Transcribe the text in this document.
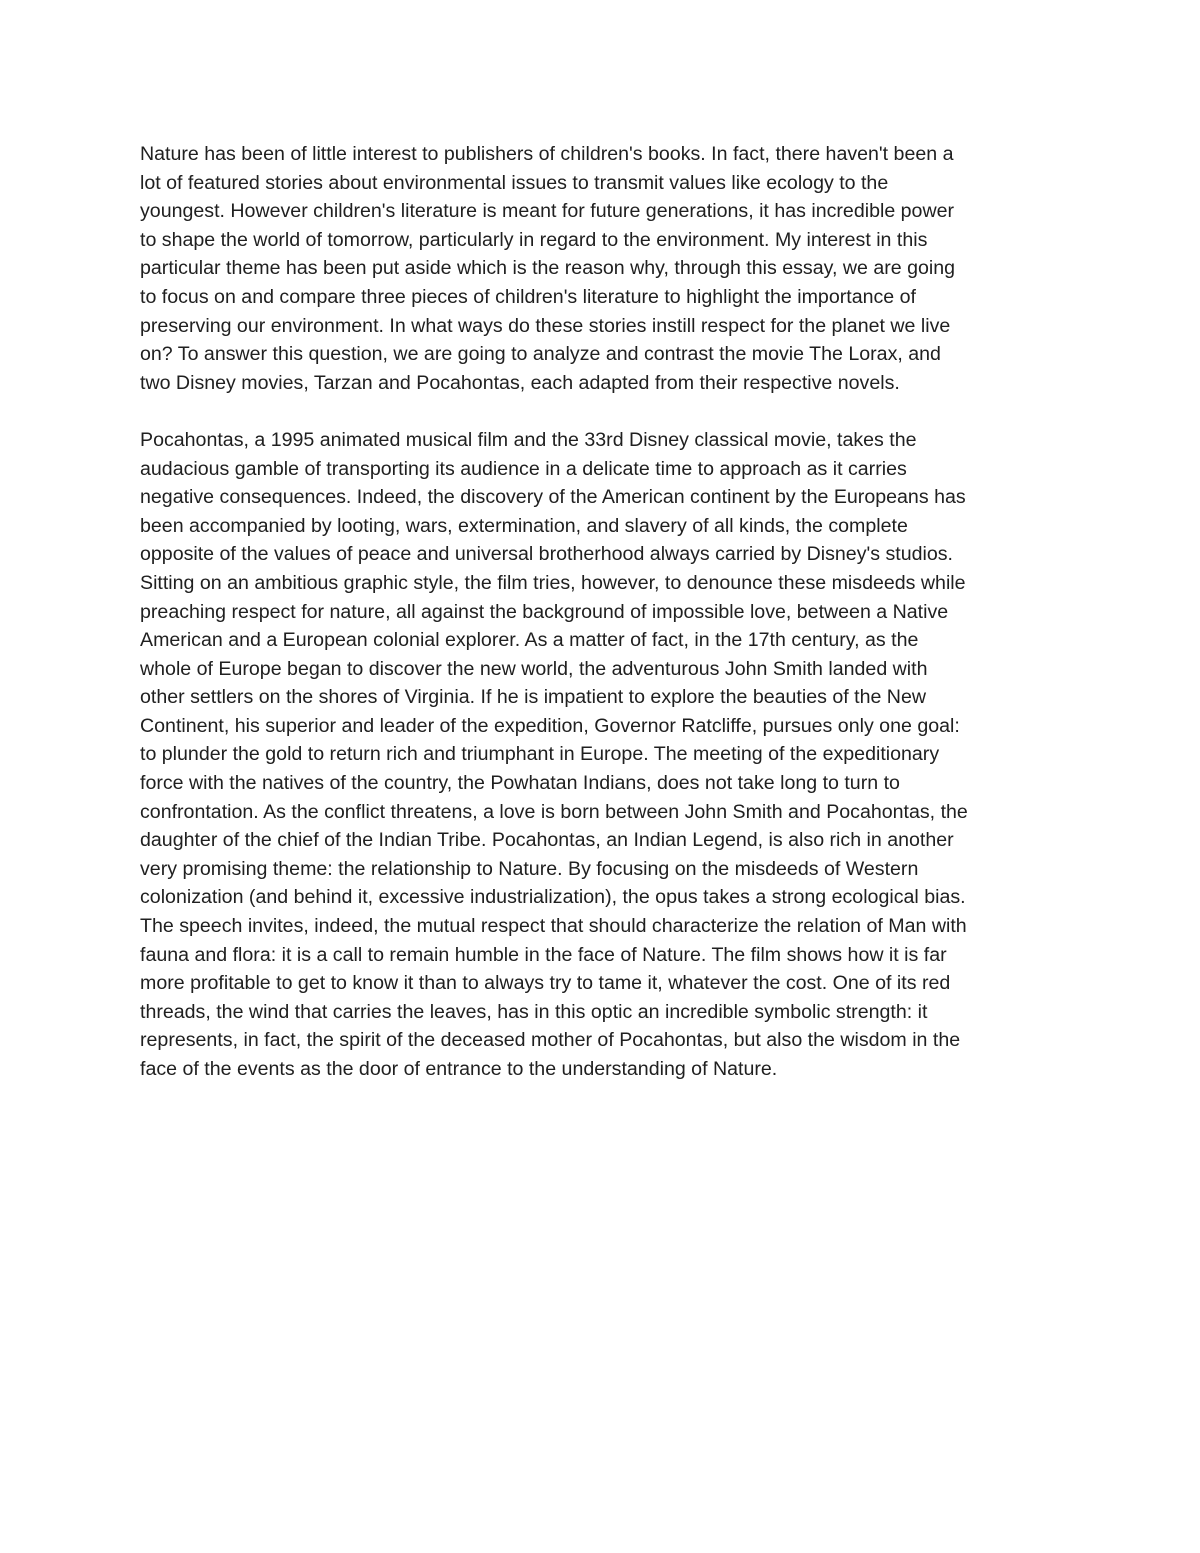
Nature has been of little interest to publishers of children's books. In fact, there haven't been a
lot of featured stories about environmental issues to transmit values like ecology to the
youngest. However children's literature is meant for future generations, it has incredible power
to shape the world of tomorrow, particularly in regard to the environment. My interest in this
particular theme has been put aside which is the reason why, through this essay, we are going
to focus on and compare three pieces of children's literature to highlight the importance of
preserving our environment. In what ways do these stories instill respect for the planet we live
on? To answer this question, we are going to analyze and contrast the movie The Lorax, and
two Disney movies, Tarzan and Pocahontas, each adapted from their respective novels.

Pocahontas, a 1995 animated musical film and the 33rd Disney classical movie, takes the
audacious gamble of transporting its audience in a delicate time to approach as it carries
negative consequences. Indeed, the discovery of the American continent by the Europeans has
been accompanied by looting, wars, extermination, and slavery of all kinds, the complete
opposite of the values of peace and universal brotherhood always carried by Disney's studios.
Sitting on an ambitious graphic style, the film tries, however, to denounce these misdeeds while
preaching respect for nature, all against the background of impossible love, between a Native
American and a European colonial explorer. As a matter of fact, in the 17th century, as the
whole of Europe began to discover the new world, the adventurous John Smith landed with
other settlers on the shores of Virginia. If he is impatient to explore the beauties of the New
Continent, his superior and leader of the expedition, Governor Ratcliffe, pursues only one goal:
to plunder the gold to return rich and triumphant in Europe. The meeting of the expeditionary
force with the natives of the country, the Powhatan Indians, does not take long to turn to
confrontation. As the conflict threatens, a love is born between John Smith and Pocahontas, the
daughter of the chief of the Indian Tribe. Pocahontas, an Indian Legend, is also rich in another
very promising theme: the relationship to Nature. By focusing on the misdeeds of Western
colonization (and behind it, excessive industrialization), the opus takes a strong ecological bias.
The speech invites, indeed, the mutual respect that should characterize the relation of Man with
fauna and flora: it is a call to remain humble in the face of Nature. The film shows how it is far
more profitable to get to know it than to always try to tame it, whatever the cost. One of its red
threads, the wind that carries the leaves, has in this optic an incredible symbolic strength: it
represents, in fact, the spirit of the deceased mother of Pocahontas, but also the wisdom in the
face of the events as the door of entrance to the understanding of Nature.
